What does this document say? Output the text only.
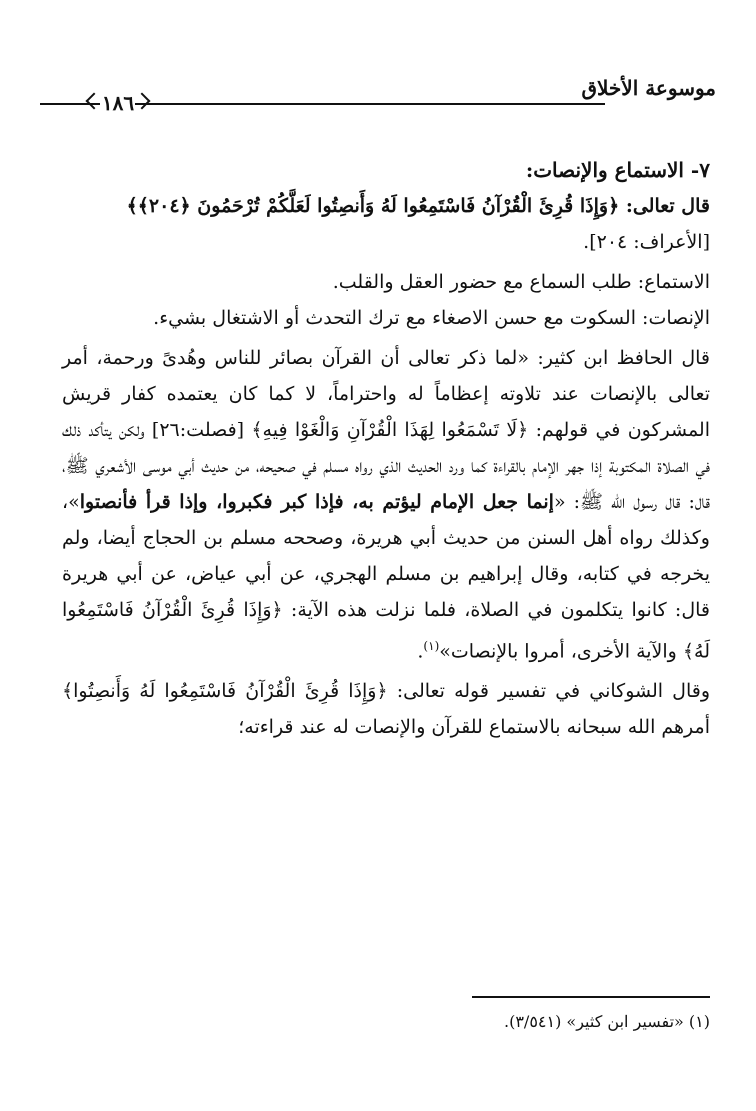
١٨٦
موسوعة الأخلاق

٧- الاستماع والإنصات:

قال تعالى: ﴿وَإِذَا قُرِئَ الْقُرْآنُ فَاسْتَمِعُوا لَهُ وَأَنصِتُوا لَعَلَّكُمْ تُرْحَمُونَ ﴿٢٠٤﴾﴾

[الأعراف: ٢٠٤].

الاستماع: طلب السماع مع حضور العقل والقلب.

الإنصات: السكوت مع حسن الاصغاء مع ترك التحدث أو الاشتغال بشيء.

قال الحافظ ابن كثير: «لما ذكر تعالى أن القرآن بصائر للناس وهُدىً ورحمة، أمر تعالى بالإنصات عند تلاوته إعظاماً له واحتراماً، لا كما كان يعتمده كفار قريش المشركون في قولهم: ﴿لَا تَسْمَعُوا لِهَذَا الْقُرْآنِ وَالْغَوْا فِيهِ﴾ [فصلت:٢٦] ولكن يتأكد ذلك في الصلاة المكتوبة إذا جهر الإمام بالقراءة كما ورد الحديث الذي رواه مسلم في صحيحه، من حديث أبي موسى الأشعري ﷺ، قال: قال رسول الله ﷺ: «إنما جعل الإمام ليؤتم به، فإذا كبر فكبروا، وإذا قرأ فأنصتوا»، وكذلك رواه أهل السنن من حديث أبي هريرة، وصححه مسلم بن الحجاج أيضا، ولم يخرجه في كتابه، وقال إبراهيم بن مسلم الهجري، عن أبي عياض، عن أبي هريرة قال: كانوا يتكلمون في الصلاة، فلما نزلت هذه الآية: ﴿وَإِذَا قُرِئَ الْقُرْآنُ فَاسْتَمِعُوا لَهُ﴾ والآية الأخرى، أمروا بالإنصات»$^{(١)}$.

وقال الشوكاني في تفسير قوله تعالى: ﴿وَإِذَا قُرِئَ الْقُرْآنُ فَاسْتَمِعُوا لَهُ وَأَنصِتُوا﴾ أمرهم الله سبحانه بالاستماع للقرآن والإنصات له عند قراءته؛

(١) «تفسير ابن كثير» (٣/٥٤١).
